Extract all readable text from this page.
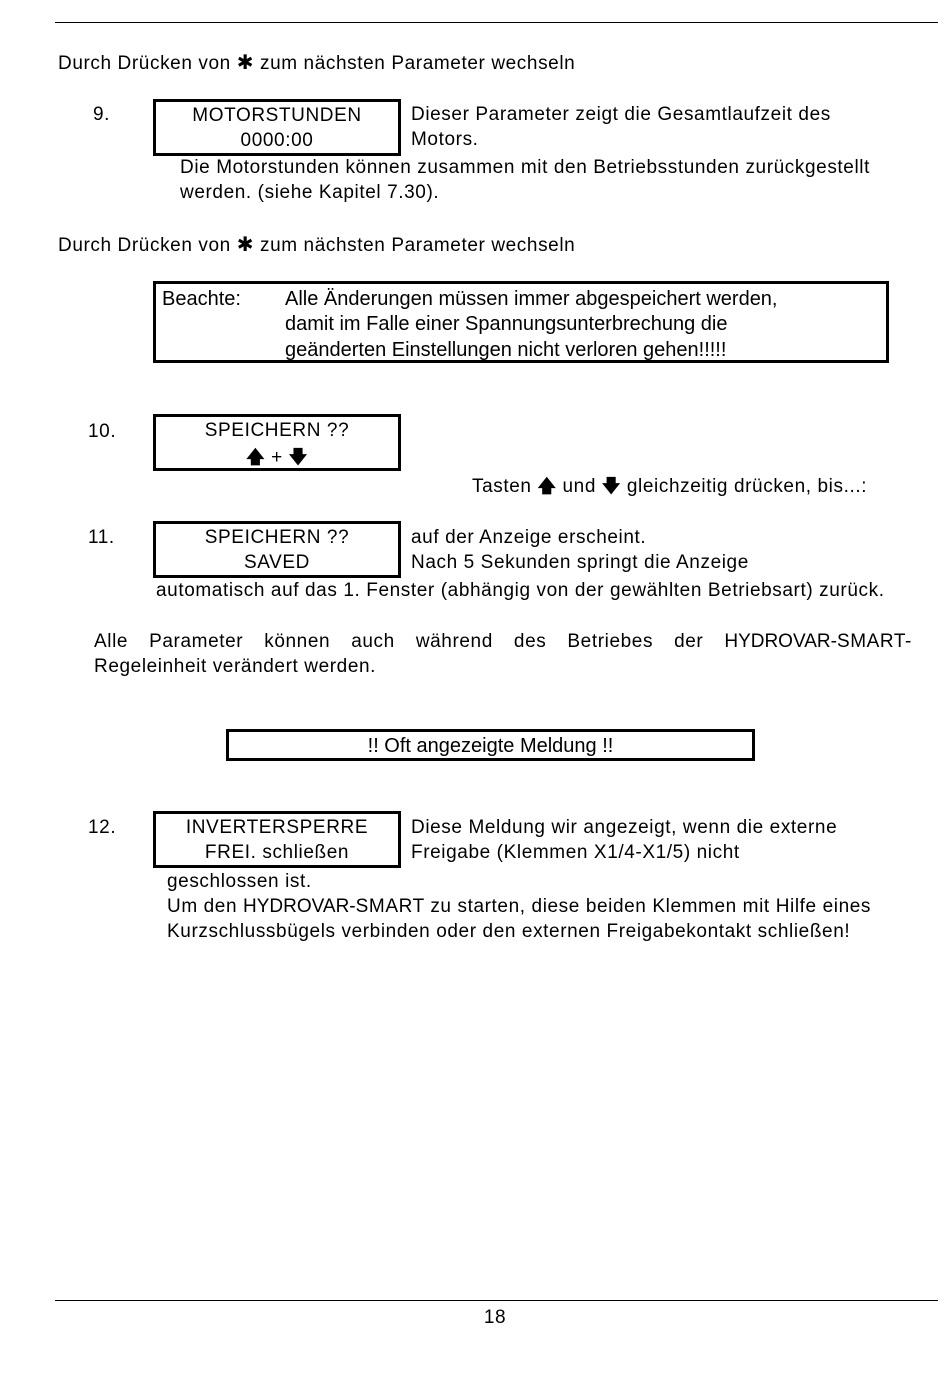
Durch Drücken von ✱ zum nächsten Parameter wechseln
9.	MOTORSTUNDEN
0000:00
Dieser Parameter zeigt die Gesamtlaufzeit des
Motors.
Die Motorstunden können zusammen mit den Betriebsstunden zurückgestellt
werden. (siehe Kapitel 7.30).
Durch Drücken von ✱ zum nächsten Parameter wechseln
Beachte: Alle Änderungen müssen immer abgespeichert werden,
damit im Falle einer Spannungsunterbrechung die
geänderten Einstellungen nicht verloren gehen!!!!!
10.	SPEICHERN ??
🡅 + 🡇
Tasten 🡅 und 🡇 gleichzeitig drücken, bis...:
11.	SPEICHERN ??
SAVED
auf der Anzeige erscheint.
Nach 5 Sekunden springt die Anzeige
automatisch auf das 1. Fenster (abhängig von der gewählten Betriebsart) zurück.
Alle Parameter können auch während des Betriebes der HYDROVAR-SMART-
Regeleinheit verändert werden.
!! Oft angezeigte Meldung !!
12.	INVERTERSPERRE
FREI. schließen
Diese Meldung wir angezeigt, wenn die externe
Freigabe (Klemmen X1/4-X1/5) nicht
geschlossen ist.
Um den HYDROVAR-SMART zu starten, diese beiden Klemmen mit Hilfe eines
Kurzschlussbügels verbinden oder den externen Freigabekontakt schließen!
18
